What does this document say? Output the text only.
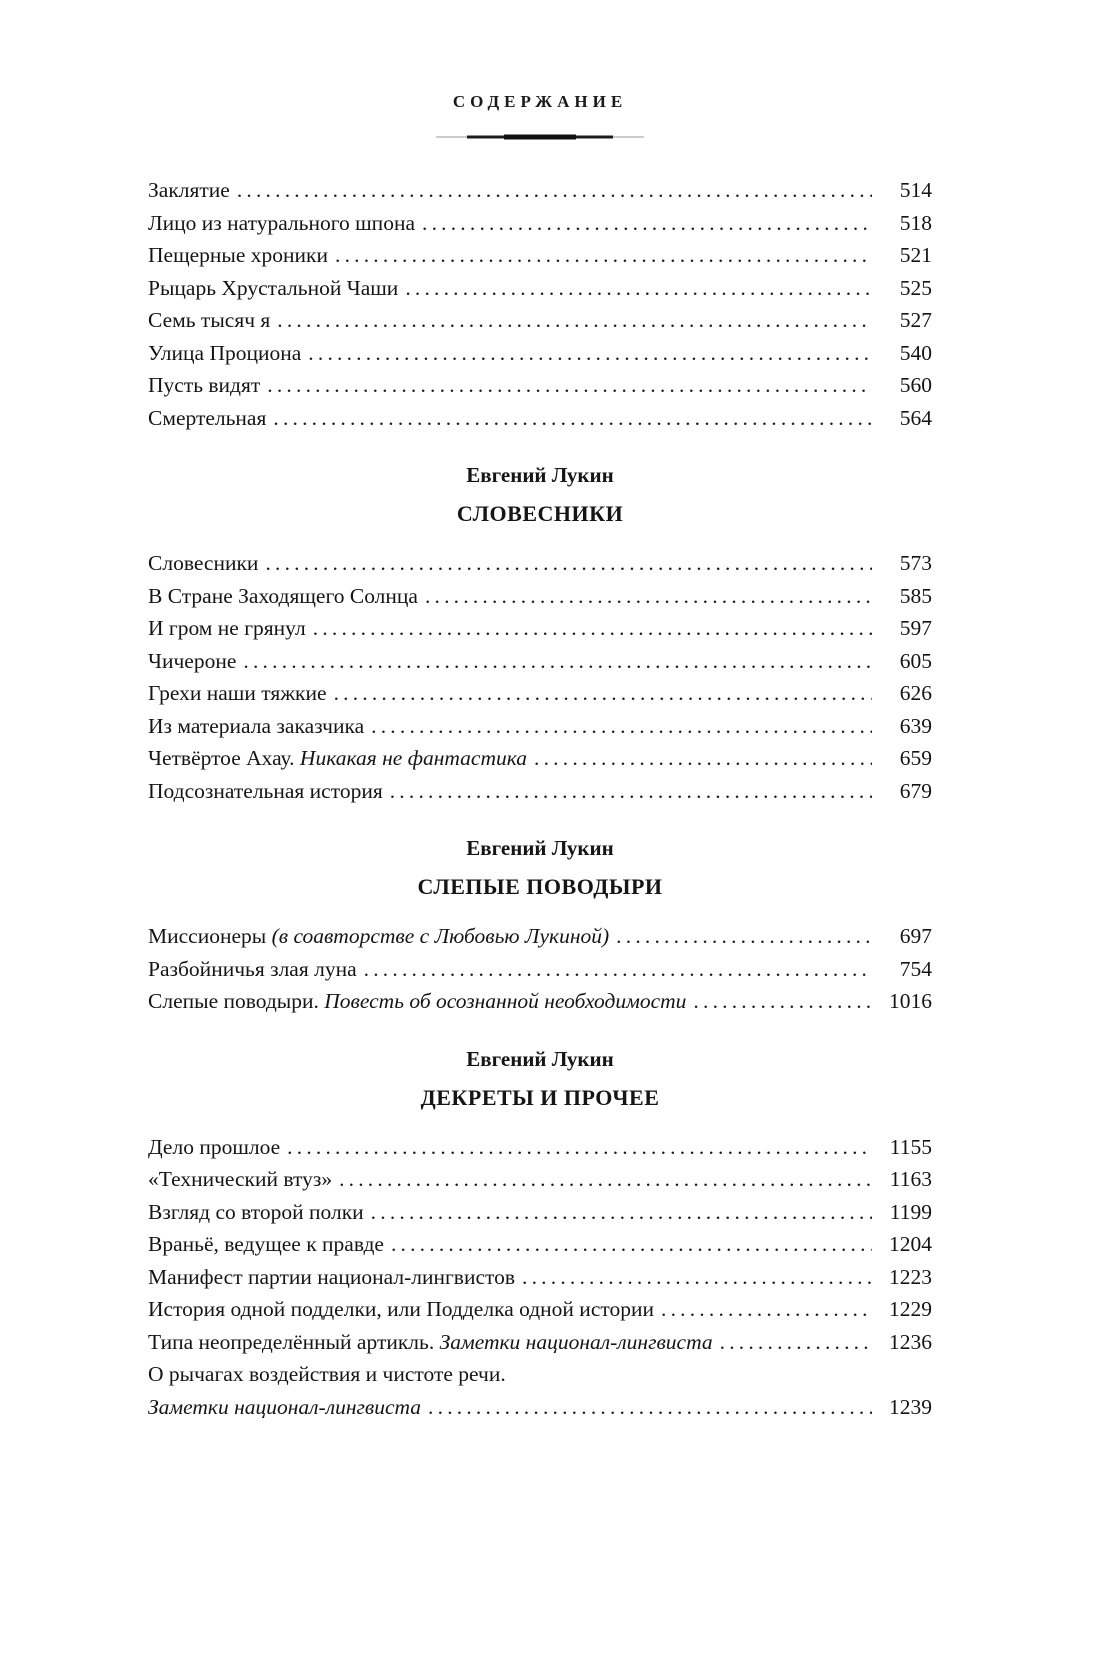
СОДЕРЖАНИЕ
Заклятие .....	514
Лицо из натурального шпона .....	518
Пещерные хроники .....	521
Рыцарь Хрустальной Чаши .....	525
Семь тысяч я .....	527
Улица Проциона .....	540
Пусть видят .....	560
Смертельная .....	564
Евгений Лукин
СЛОВЕСНИКИ
Словесники .....	573
В Стране Заходящего Солнца .....	585
И гром не грянул .....	597
Чичероне .....	605
Грехи наши тяжкие .....	626
Из материала заказчика .....	639
Четвёртое Ахау. Никакая не фантастика .....	659
Подсознательная история .....	679
Евгений Лукин
СЛЕПЫЕ ПОВОДЫРИ
Миссионеры (в соавторстве с Любовью Лукиной) .....	697
Разбойничья злая луна .....	754
Слепые поводыри. Повесть об осознанной необходимости .....	1016
Евгений Лукин
ДЕКРЕТЫ И ПРОЧЕЕ
Дело прошлое .....	1155
«Технический втуз» .....	1163
Взгляд со второй полки .....	1199
Враньё, ведущее к правде .....	1204
Манифест партии национал-лингвистов .....	1223
История одной подделки, или Подделка одной истории .....	1229
Типа неопределённый артикль. Заметки национал-лингвиста .....	1236
О рычагах воздействия и чистоте речи.
Заметки национал-лингвиста .....	1239
